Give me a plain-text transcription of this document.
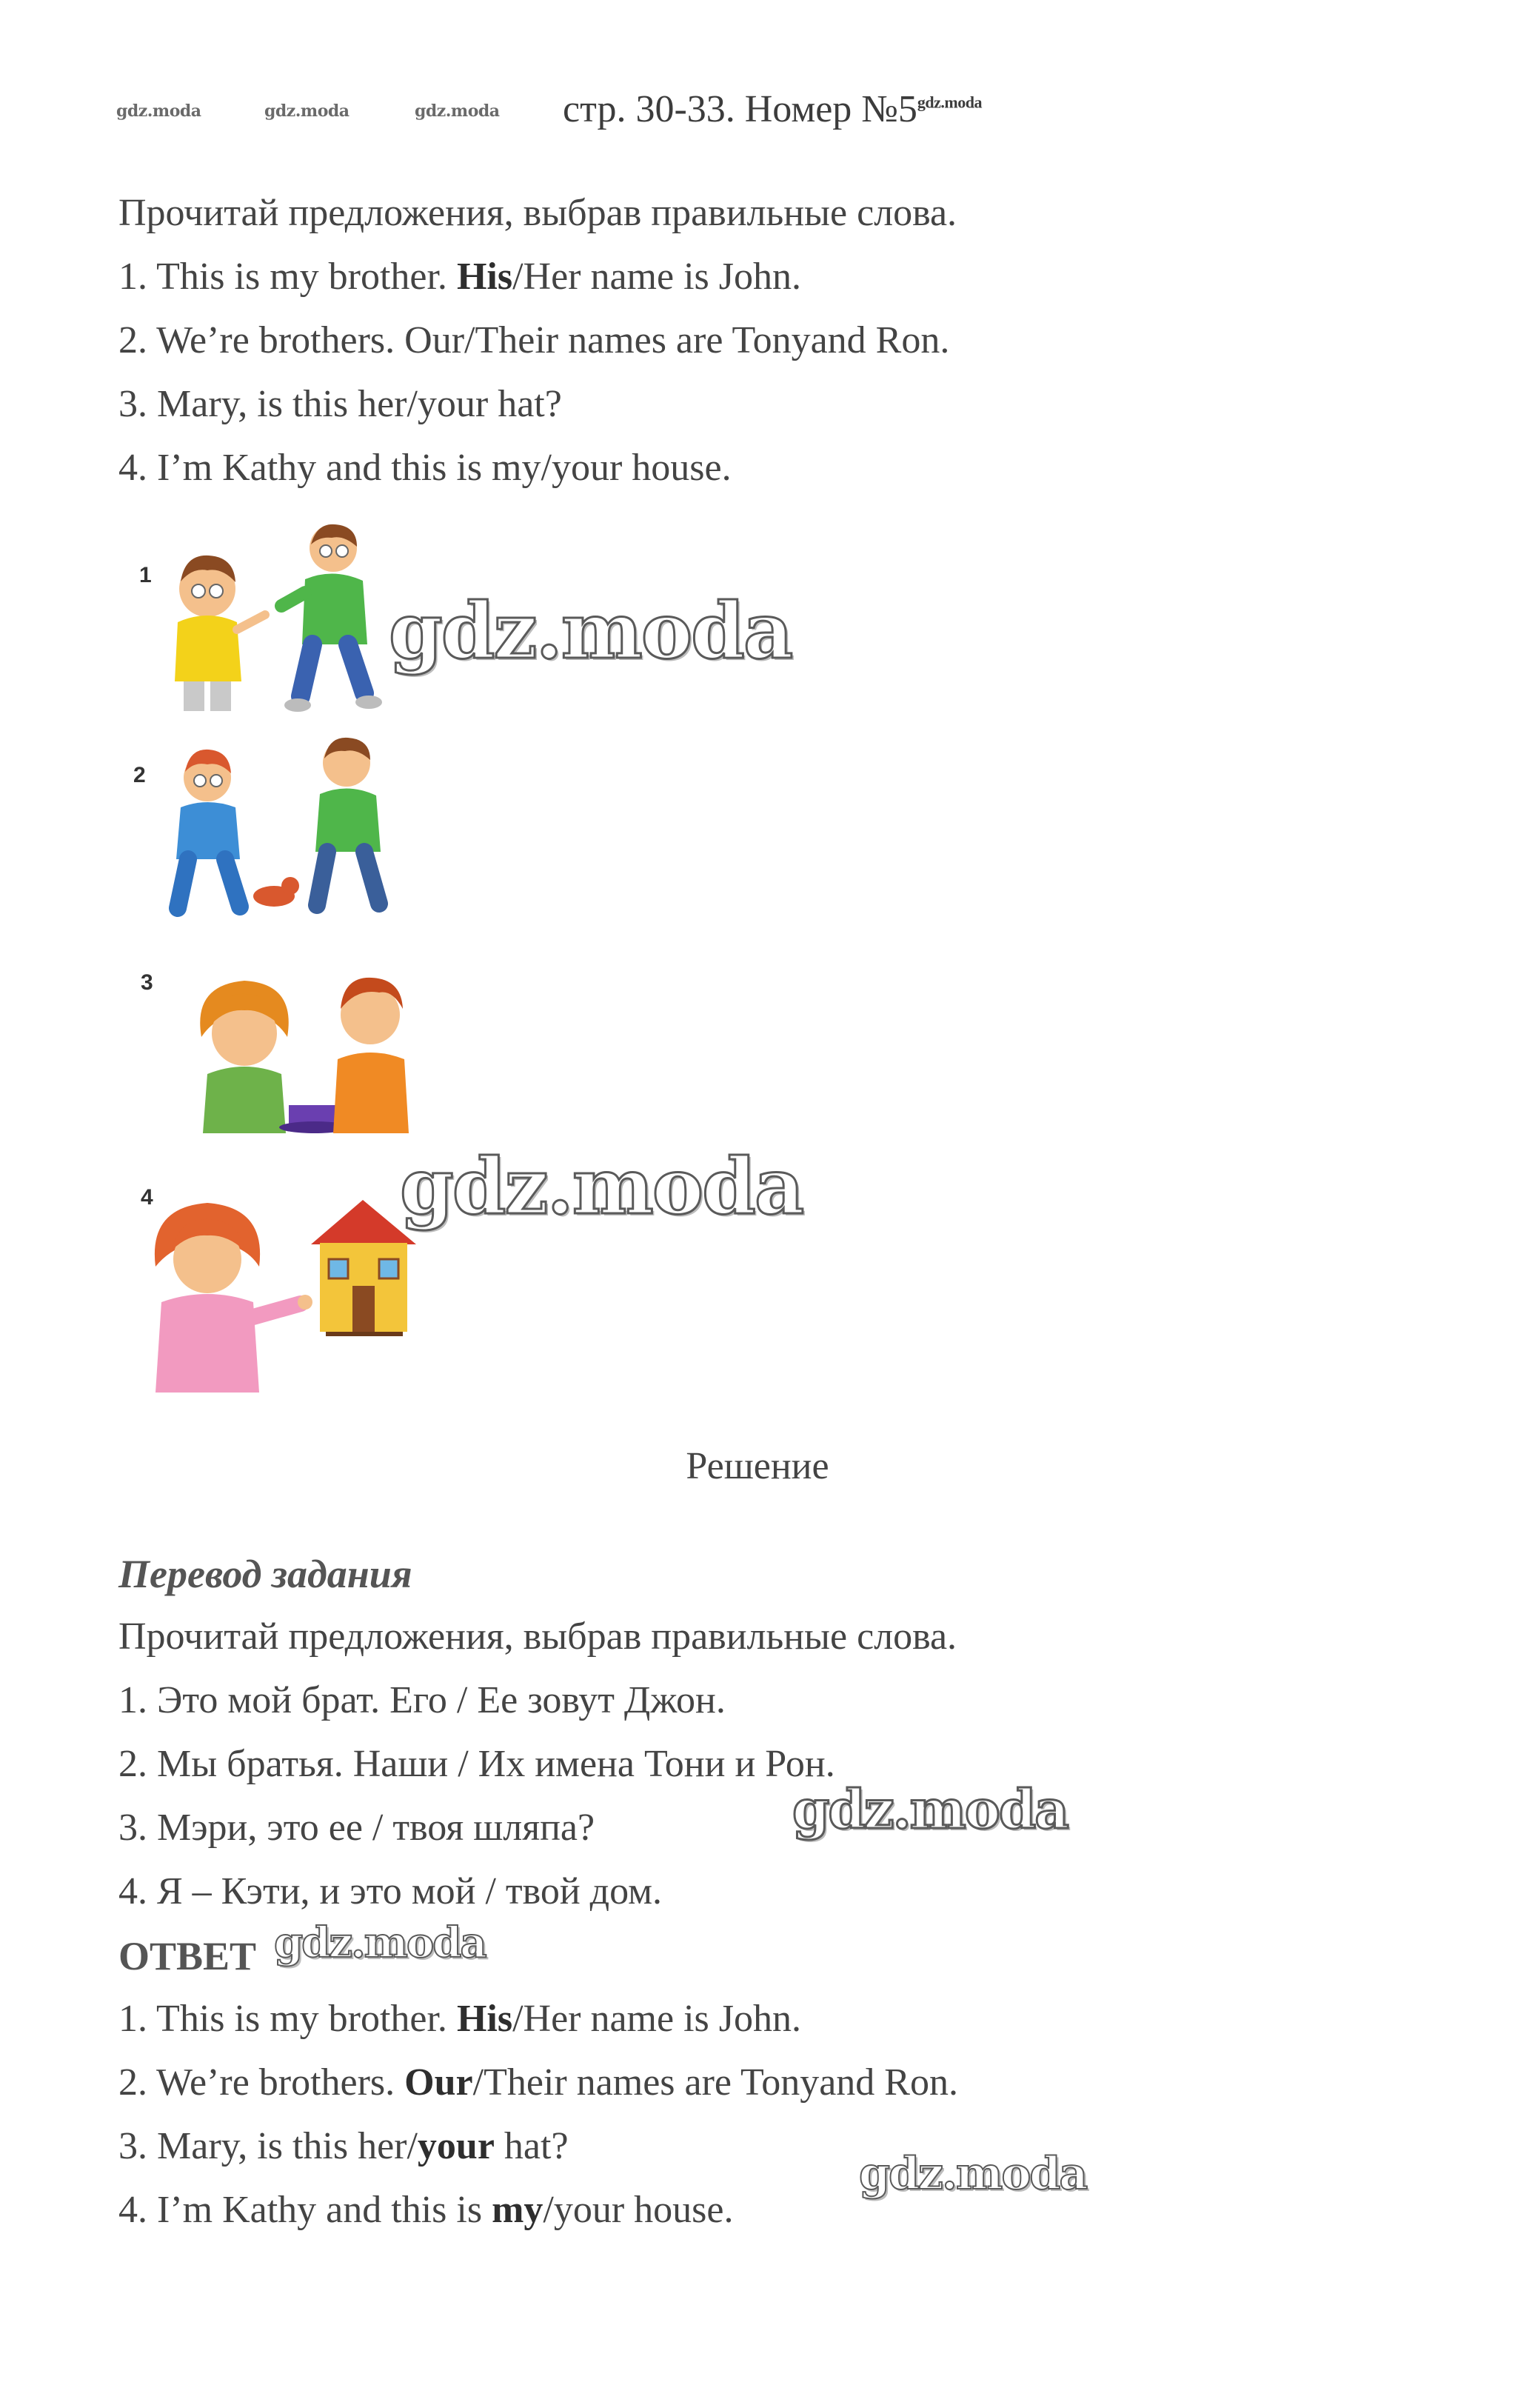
gdz.moda	gdz.moda	gdz.moda стр. 30-33. Номер $№5^{gdz.moda}$
Прочитай предложения, выбрав правильные слова.
1. This is my brother. His/Her name is John.
2. We’re brothers. Our/Their names are Tonyand Ron.
3. Mary, is this her/your hat?
4. I’m Kathy and this is my/your house.
1
2
3
4
gdz.moda
gdz.moda
Решение
Перевод задания
Прочитай предложения, выбрав правильные слова.
1. Это мой брат. Его / Ее зовут Джон.
2. Мы братья. Наши / Их имена Тони и Рон.
3. Мэри, это ее / твоя шляпа?
4. Я – Кэти, и это мой / твой дом.
gdz.moda
ОТВЕТ gdz.moda
1. This is my brother. His/Her name is John.
2. We’re brothers. Our/Their names are Tonyand Ron.
3. Mary, is this her/your hat?
4. I’m Kathy and this is my/your house.
gdz.moda
